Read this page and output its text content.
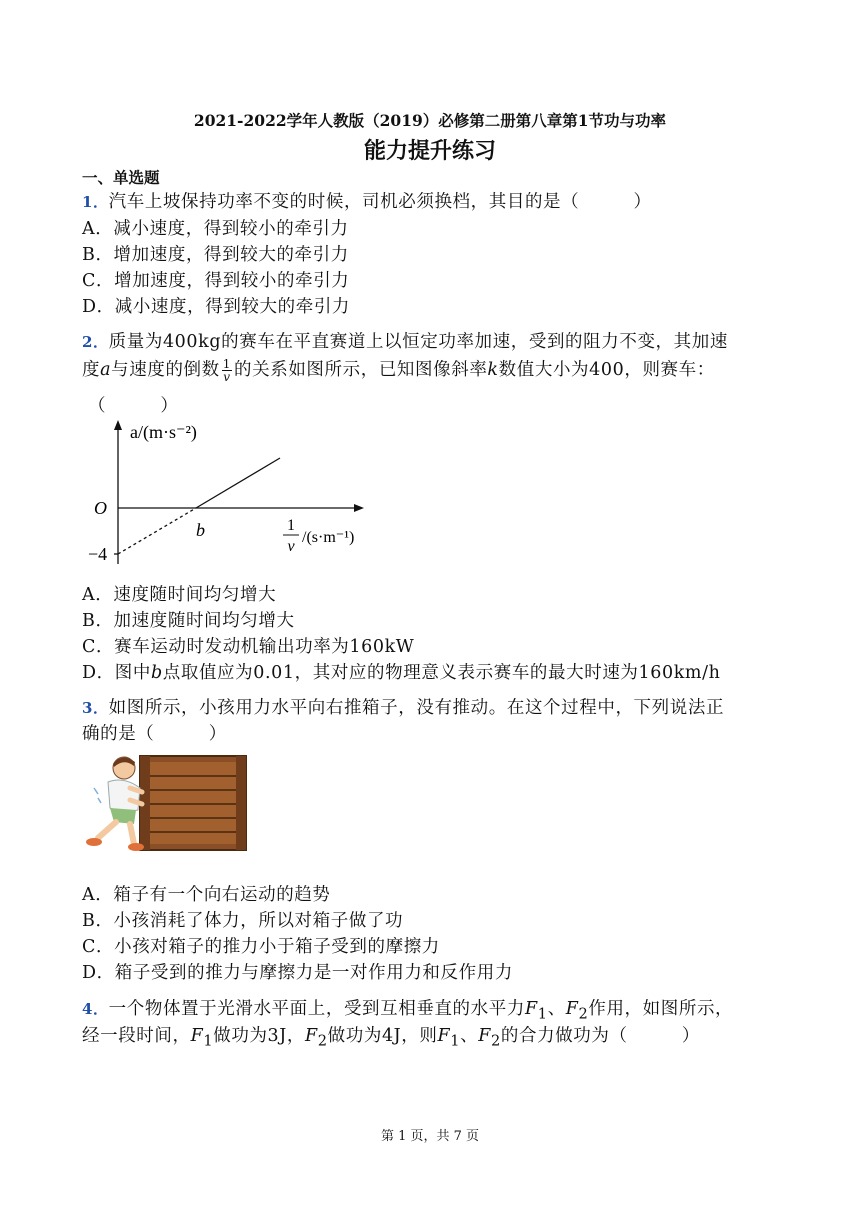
2021-2022学年人教版（2019）必修第二册第八章第1节功与功率
能力提升练习
一、单选题
1．汽车上坡保持功率不变的时候，司机必须换档，其目的是（　　　）
A．减小速度，得到较小的牵引力
B．增加速度，得到较大的牵引力
C．增加速度，得到较小的牵引力
D．减小速度，得到较大的牵引力
2．质量为400kg的赛车在平直赛道上以恒定功率加速，受到的阻力不变，其加速
度a与速度的倒数 $\frac{1}{v}$ 的关系如图所示，已知图像斜率k数值大小为400，则赛车：
（　　　）
a/(m·s⁻²)
O
b
−4
1
v
/(s·m⁻¹)
A．速度随时间均匀增大
B．加速度随时间均匀增大
C．赛车运动时发动机输出功率为160kW
D．图中b点取值应为0.01，其对应的物理意义表示赛车的最大时速为160km/h
3．如图所示，小孩用力水平向右推箱子，没有推动。在这个过程中，下列说法正
确的是（　　　）
A．箱子有一个向右运动的趋势
B．小孩消耗了体力，所以对箱子做了功
C．小孩对箱子的推力小于箱子受到的摩擦力
D．箱子受到的推力与摩擦力是一对作用力和反作用力
4．一个物体置于光滑水平面上，受到互相垂直的水平力$F_1$、$F_2$作用，如图所示，
经一段时间，$F_1$做功为3J，$F_2$做功为4J，则$F_1$、$F_2$的合力做功为（　　　）
第 1 页，共 7 页
